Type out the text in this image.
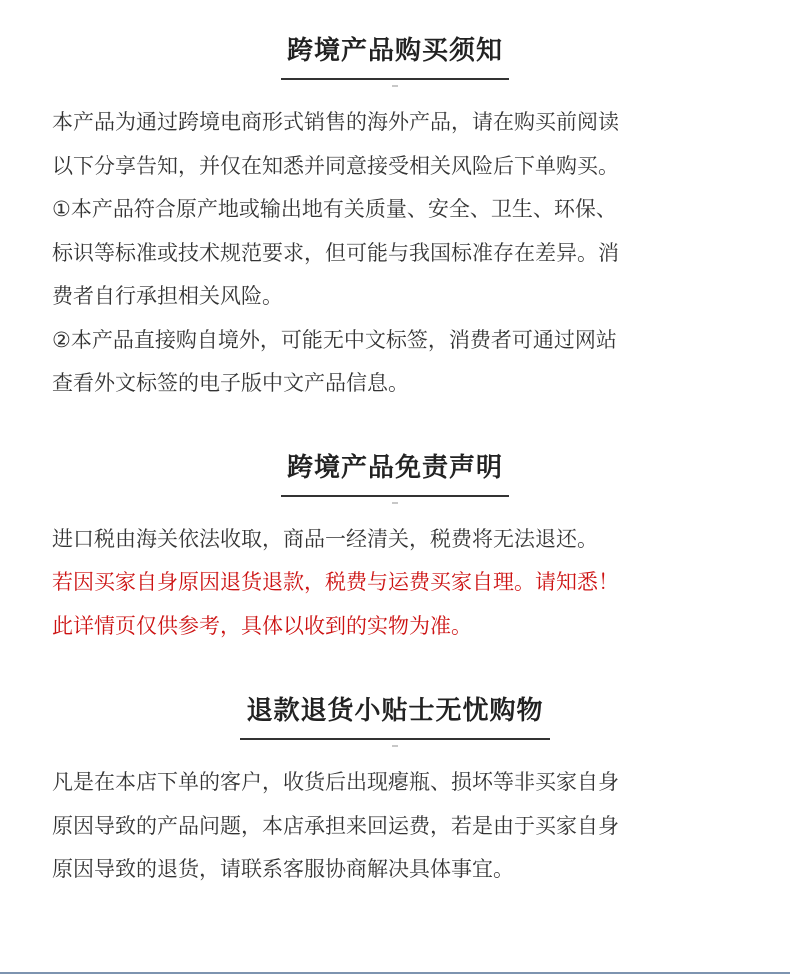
跨境产品购买须知
本产品为通过跨境电商形式销售的海外产品，请在购买前阅读
以下分享告知，并仅在知悉并同意接受相关风险后下单购买。
①本产品符合原产地或输出地有关质量、安全、卫生、环保、
标识等标准或技术规范要求，但可能与我国标准存在差异。消
费者自行承担相关风险。
②本产品直接购自境外，可能无中文标签，消费者可通过网站
查看外文标签的电子版中文产品信息。
跨境产品免责声明
进口税由海关依法收取，商品一经清关，税费将无法退还。
若因买家自身原因退货退款，税费与运费买家自理。请知悉！
此详情页仅供参考，具体以收到的实物为准。
退款退货小贴士无忧购物
凡是在本店下单的客户，收货后出现瘪瓶、损坏等非买家自身
原因导致的产品问题，本店承担来回运费，若是由于买家自身
原因导致的退货，请联系客服协商解决具体事宜。
